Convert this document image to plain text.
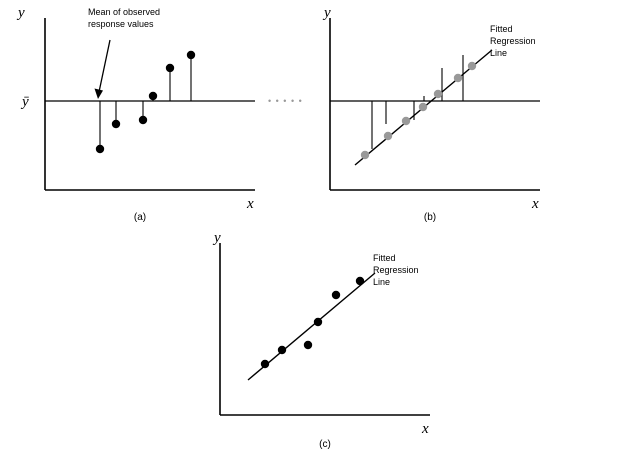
Mean of observed
response values
y
x
ȳ
(a)
• • • • •
y
x
Fitted
Regression
Line
(b)
y
x
Fitted
Regression
Line
(c)
